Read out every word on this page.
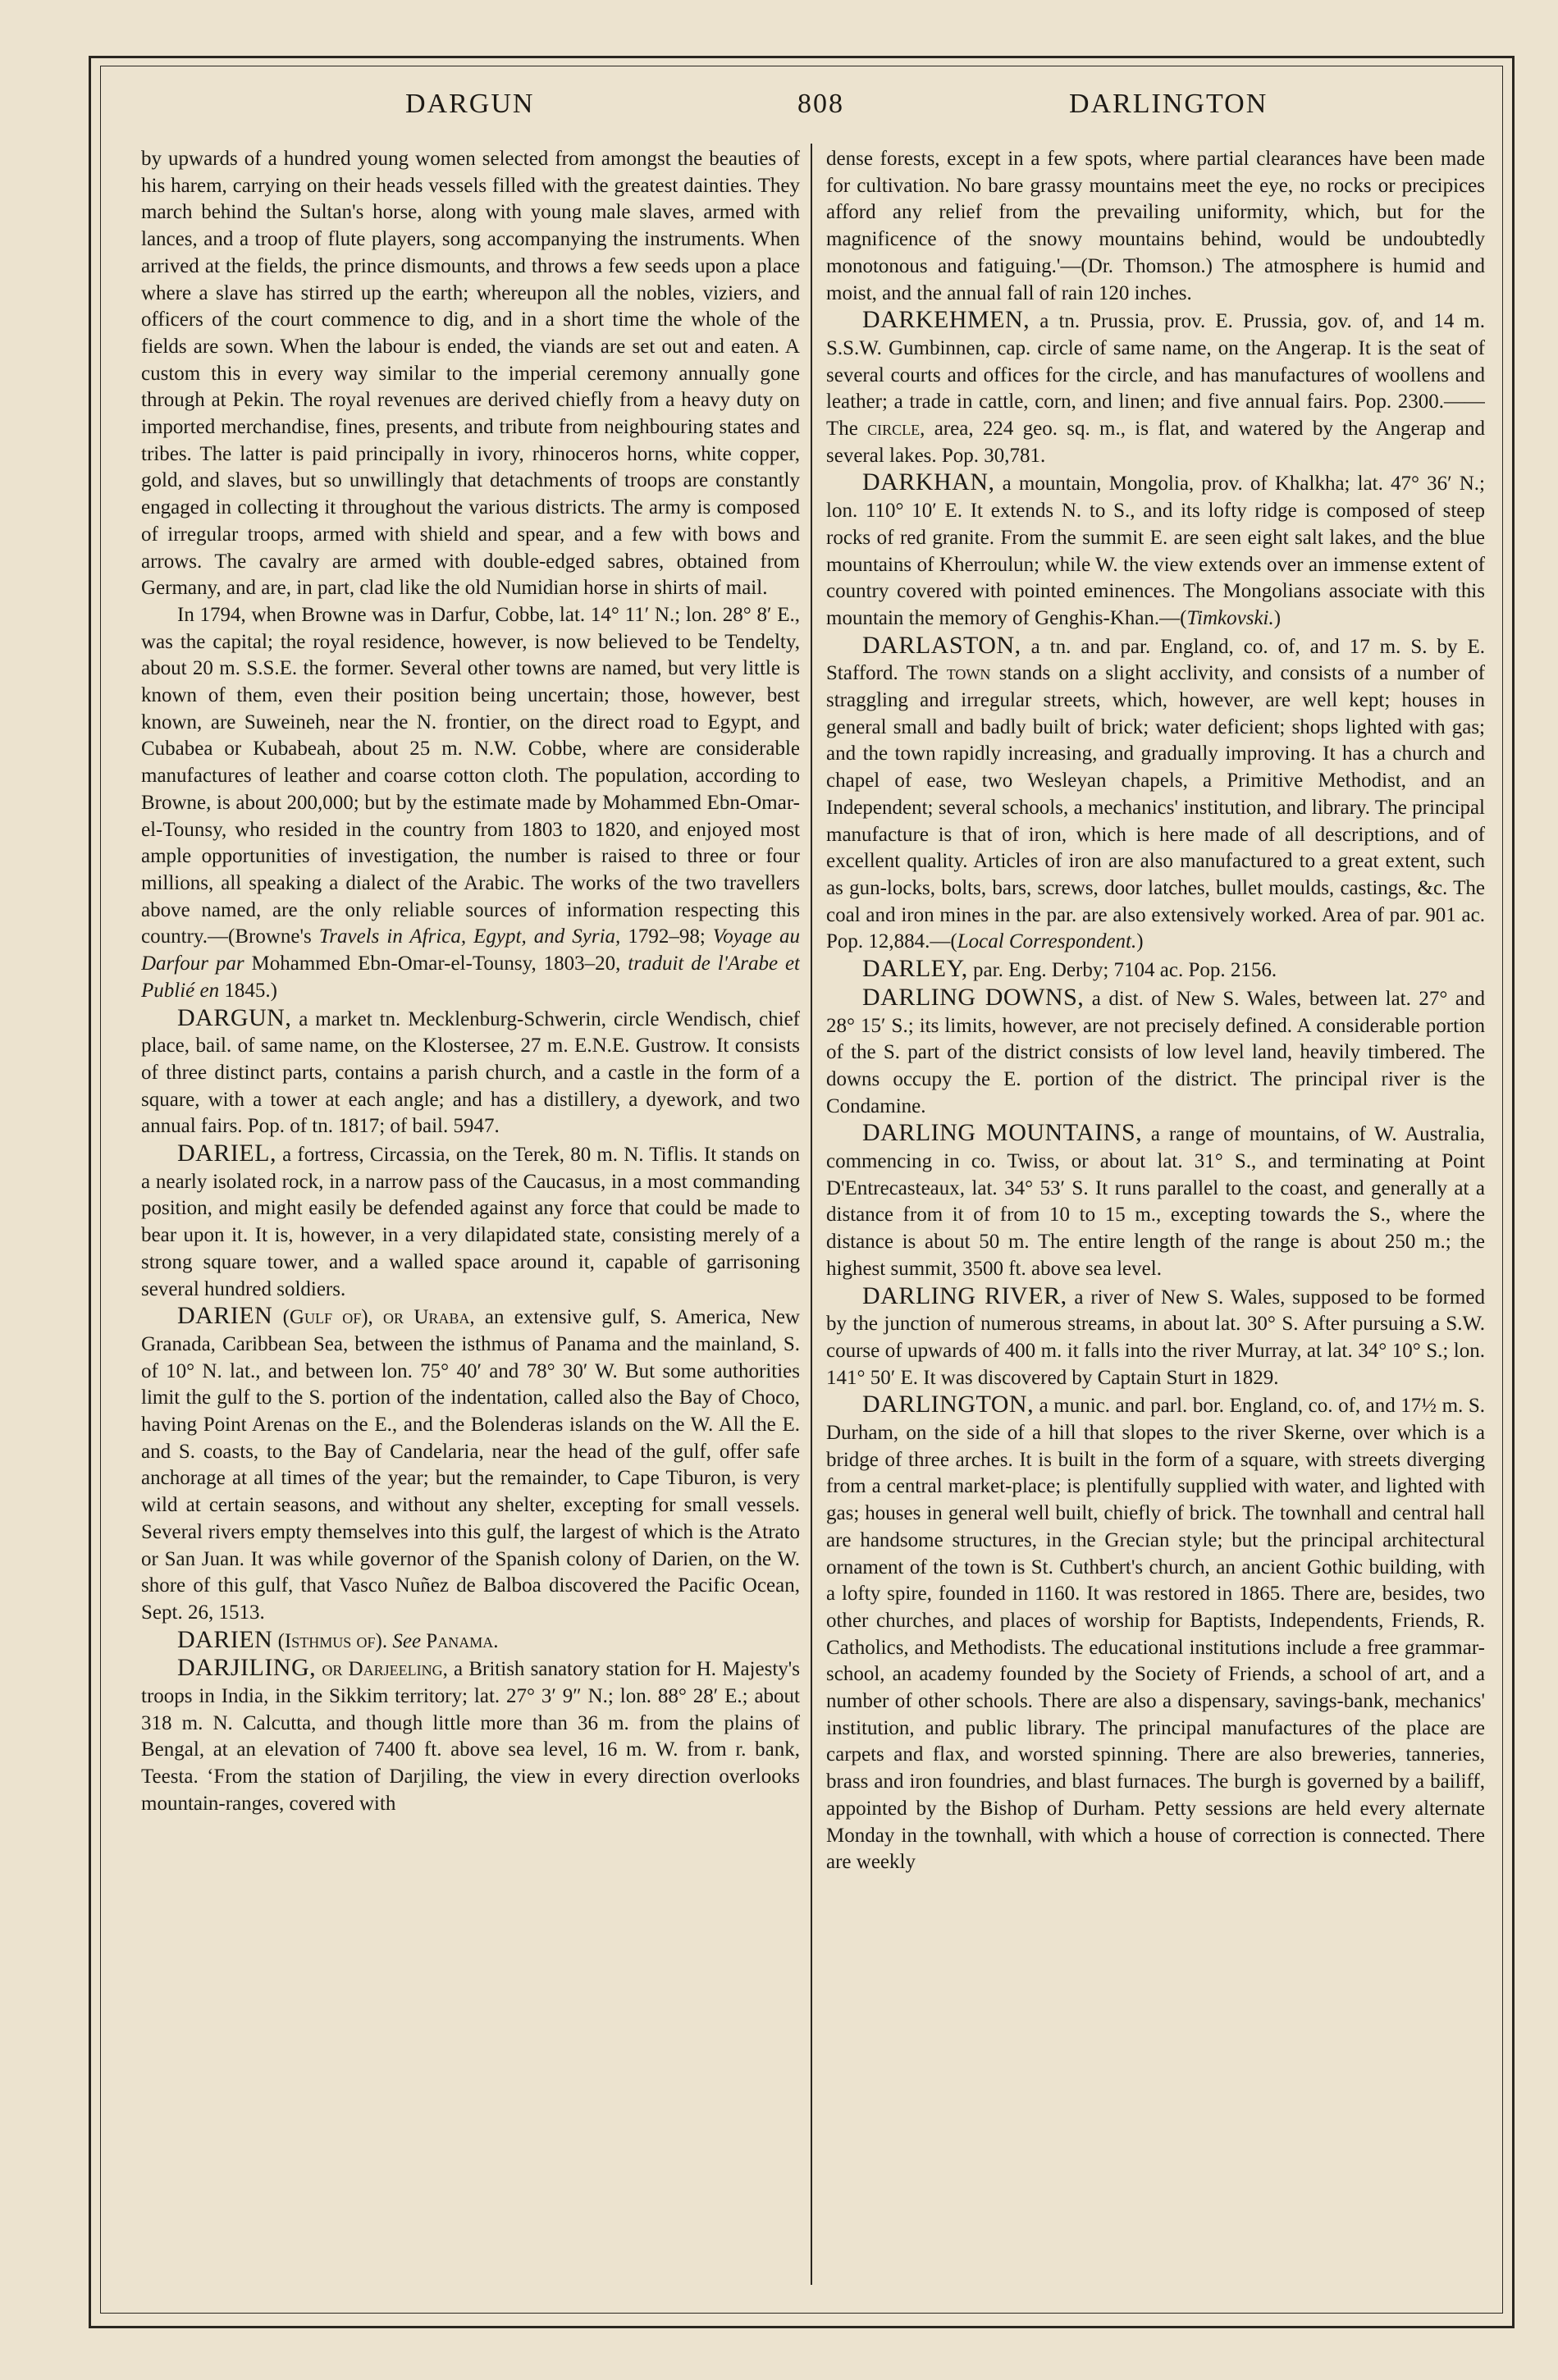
DARGUN	808	DARLINGTON

by upwards of a hundred young women selected from amongst the beauties of his harem, carrying on their heads vessels filled with the greatest dainties. They march behind the Sultan's horse, along with young male slaves, armed with lances, and a troop of flute players, song accompanying the instruments. When arrived at the fields, the prince dismounts, and throws a few seeds upon a place where a slave has stirred up the earth; whereupon all the nobles, viziers, and officers of the court commence to dig, and in a short time the whole of the fields are sown. When the labour is ended, the viands are set out and eaten. A custom this in every way similar to the imperial ceremony annually gone through at Pekin. The royal revenues are derived chiefly from a heavy duty on imported merchandise, fines, presents, and tribute from neighbouring states and tribes. The latter is paid principally in ivory, rhinoceros horns, white copper, gold, and slaves, but so unwillingly that detachments of troops are constantly engaged in collecting it throughout the various districts. The army is composed of irregular troops, armed with shield and spear, and a few with bows and arrows. The cavalry are armed with double-edged sabres, obtained from Germany, and are, in part, clad like the old Numidian horse in shirts of mail.

In 1794, when Browne was in Darfur, Cobbe, lat. 14° 11′ N.; lon. 28° 8′ E., was the capital; the royal residence, however, is now believed to be Tendelty, about 20 m. S.S.E. the former. Several other towns are named, but very little is known of them, even their position being uncertain; those, however, best known, are Suweineh, near the N. frontier, on the direct road to Egypt, and Cubabea or Kubabeah, about 25 m. N.W. Cobbe, where are considerable manufactures of leather and coarse cotton cloth. The population, according to Browne, is about 200,000; but by the estimate made by Mohammed Ebn-Omar-el-Tounsy, who resided in the country from 1803 to 1820, and enjoyed most ample opportunities of investigation, the number is raised to three or four millions, all speaking a dialect of the Arabic. The works of the two travellers above named, are the only reliable sources of information respecting this country.—(Browne's Travels in Africa, Egypt, and Syria, 1792–98; Voyage au Darfour par Mohammed Ebn-Omar-el-Tounsy, 1803–20, traduit de l'Arabe et Publié en 1845.)

DARGUN, a market tn. Mecklenburg-Schwerin, circle Wendisch, chief place, bail. of same name, on the Klostersee, 27 m. E.N.E. Gustrow. It consists of three distinct parts, contains a parish church, and a castle in the form of a square, with a tower at each angle; and has a distillery, a dyework, and two annual fairs. Pop. of tn. 1817; of bail. 5947.

DARIEL, a fortress, Circassia, on the Terek, 80 m. N. Tiflis. It stands on a nearly isolated rock, in a narrow pass of the Caucasus, in a most commanding position, and might easily be defended against any force that could be made to bear upon it. It is, however, in a very dilapidated state, consisting merely of a strong square tower, and a walled space around it, capable of garrisoning several hundred soldiers.

DARIEN (Gulf of), or Uraba, an extensive gulf, S. America, New Granada, Caribbean Sea, between the isthmus of Panama and the mainland, S. of 10° N. lat., and between lon. 75° 40′ and 78° 30′ W. But some authorities limit the gulf to the S. portion of the indentation, called also the Bay of Choco, having Point Arenas on the E., and the Bolenderas islands on the W. All the E. and S. coasts, to the Bay of Candelaria, near the head of the gulf, offer safe anchorage at all times of the year; but the remainder, to Cape Tiburon, is very wild at certain seasons, and without any shelter, excepting for small vessels. Several rivers empty themselves into this gulf, the largest of which is the Atrato or San Juan. It was while governor of the Spanish colony of Darien, on the W. shore of this gulf, that Vasco Nuñez de Balboa discovered the Pacific Ocean, Sept. 26, 1513.

DARIEN (Isthmus of). See Panama.

DARJILING, or Darjeeling, a British sanatory station for H. Majesty's troops in India, in the Sikkim territory; lat. 27° 3′ 9″ N.; lon. 88° 28′ E.; about 318 m. N. Calcutta, and though little more than 36 m. from the plains of Bengal, at an elevation of 7400 ft. above sea level, 16 m. W. from r. bank, Teesta. ‘From the station of Darjiling, the view in every direction overlooks mountain-ranges, covered with

dense forests, except in a few spots, where partial clearances have been made for cultivation. No bare grassy mountains meet the eye, no rocks or precipices afford any relief from the prevailing uniformity, which, but for the magnificence of the snowy mountains behind, would be undoubtedly monotonous and fatiguing.'—(Dr. Thomson.) The atmosphere is humid and moist, and the annual fall of rain 120 inches.

DARKEHMEN, a tn. Prussia, prov. E. Prussia, gov. of, and 14 m. S.S.W. Gumbinnen, cap. circle of same name, on the Angerap. It is the seat of several courts and offices for the circle, and has manufactures of woollens and leather; a trade in cattle, corn, and linen; and five annual fairs. Pop. 2300.——The circle, area, 224 geo. sq. m., is flat, and watered by the Angerap and several lakes. Pop. 30,781.

DARKHAN, a mountain, Mongolia, prov. of Khalkha; lat. 47° 36′ N.; lon. 110° 10′ E. It extends N. to S., and its lofty ridge is composed of steep rocks of red granite. From the summit E. are seen eight salt lakes, and the blue mountains of Kherroulun; while W. the view extends over an immense extent of country covered with pointed eminences. The Mongolians associate with this mountain the memory of Genghis-Khan.—(Timkovski.)

DARLASTON, a tn. and par. England, co. of, and 17 m. S. by E. Stafford. The town stands on a slight acclivity, and consists of a number of straggling and irregular streets, which, however, are well kept; houses in general small and badly built of brick; water deficient; shops lighted with gas; and the town rapidly increasing, and gradually improving. It has a church and chapel of ease, two Wesleyan chapels, a Primitive Methodist, and an Independent; several schools, a mechanics' institution, and library. The principal manufacture is that of iron, which is here made of all descriptions, and of excellent quality. Articles of iron are also manufactured to a great extent, such as gun-locks, bolts, bars, screws, door latches, bullet moulds, castings, &c. The coal and iron mines in the par. are also extensively worked. Area of par. 901 ac. Pop. 12,884.—(Local Correspondent.)

DARLEY, par. Eng. Derby; 7104 ac. Pop. 2156.

DARLING DOWNS, a dist. of New S. Wales, between lat. 27° and 28° 15′ S.; its limits, however, are not precisely defined. A considerable portion of the S. part of the district consists of low level land, heavily timbered. The downs occupy the E. portion of the district. The principal river is the Condamine.

DARLING MOUNTAINS, a range of mountains, of W. Australia, commencing in co. Twiss, or about lat. 31° S., and terminating at Point D'Entrecasteaux, lat. 34° 53′ S. It runs parallel to the coast, and generally at a distance from it of from 10 to 15 m., excepting towards the S., where the distance is about 50 m. The entire length of the range is about 250 m.; the highest summit, 3500 ft. above sea level.

DARLING RIVER, a river of New S. Wales, supposed to be formed by the junction of numerous streams, in about lat. 30° S. After pursuing a S.W. course of upwards of 400 m. it falls into the river Murray, at lat. 34° 10° S.; lon. 141° 50′ E. It was discovered by Captain Sturt in 1829.

DARLINGTON, a munic. and parl. bor. England, co. of, and 17½ m. S. Durham, on the side of a hill that slopes to the river Skerne, over which is a bridge of three arches. It is built in the form of a square, with streets diverging from a central market-place; is plentifully supplied with water, and lighted with gas; houses in general well built, chiefly of brick. The townhall and central hall are handsome structures, in the Grecian style; but the principal architectural ornament of the town is St. Cuthbert's church, an ancient Gothic building, with a lofty spire, founded in 1160. It was restored in 1865. There are, besides, two other churches, and places of worship for Baptists, Independents, Friends, R. Catholics, and Methodists. The educational institutions include a free grammar-school, an academy founded by the Society of Friends, a school of art, and a number of other schools. There are also a dispensary, savings-bank, mechanics' institution, and public library. The principal manufactures of the place are carpets and flax, and worsted spinning. There are also breweries, tanneries, brass and iron foundries, and blast furnaces. The burgh is governed by a bailiff, appointed by the Bishop of Durham. Petty sessions are held every alternate Monday in the townhall, with which a house of correction is connected. There are weekly
